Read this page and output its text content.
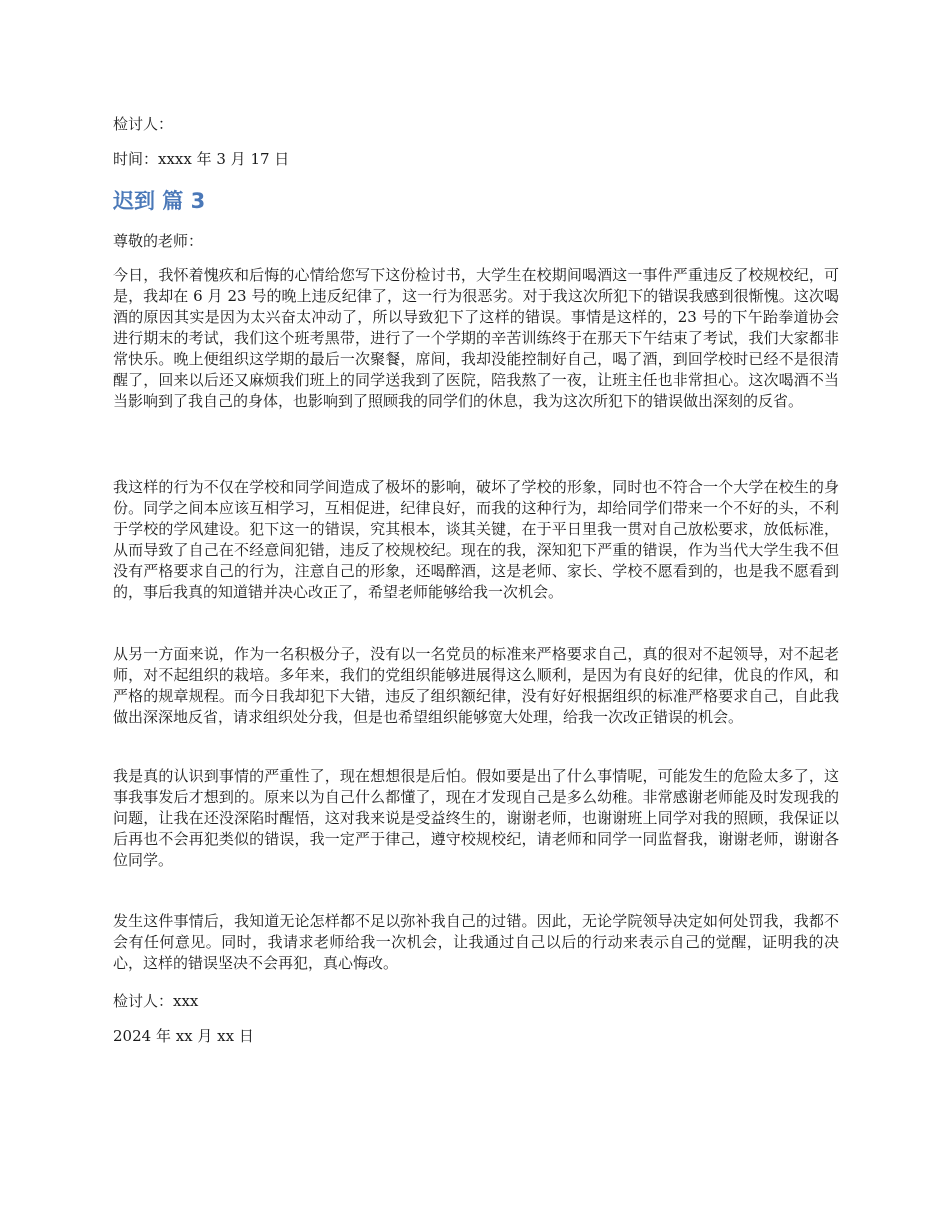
检讨人：

时间：xxxx 年 3 月 17 日

迟到 篇 3

尊敬的老师：

今日，我怀着愧疚和后悔的心情给您写下这份检讨书，大学生在校期间喝酒这一事件严重违反了校规校纪，可是，我却在 6 月 23 号的晚上违反纪律了，这一行为很恶劣。对于我这次所犯下的错误我感到很惭愧。这次喝酒的原因其实是因为太兴奋太冲动了，所以导致犯下了这样的错误。事情是这样的，23 号的下午跆拳道协会进行期末的考试，我们这个班考黑带，进行了一个学期的辛苦训练终于在那天下午结束了考试，我们大家都非常快乐。晚上便组织这学期的最后一次聚餐，席间，我却没能控制好自己，喝了酒，到回学校时已经不是很清醒了，回来以后还又麻烦我们班上的同学送我到了医院，陪我熬了一夜，让班主任也非常担心。这次喝酒不当当影响到了我自己的身体，也影响到了照顾我的同学们的休息，我为这次所犯下的错误做出深刻的反省。

我这样的行为不仅在学校和同学间造成了极坏的影响，破坏了学校的形象，同时也不符合一个大学在校生的身份。同学之间本应该互相学习，互相促进，纪律良好，而我的这种行为，却给同学们带来一个不好的头，不利于学校的学风建设。犯下这一的错误，究其根本，谈其关键，在于平日里我一贯对自己放松要求，放低标准，从而导致了自己在不经意间犯错，违反了校规校纪。现在的我，深知犯下严重的错误，作为当代大学生我不但没有严格要求自己的行为，注意自己的形象，还喝醉酒，这是老师、家长、学校不愿看到的，也是我不愿看到的，事后我真的知道错并决心改正了，希望老师能够给我一次机会。

从另一方面来说，作为一名积极分子，没有以一名党员的标准来严格要求自己，真的很对不起领导，对不起老师，对不起组织的栽培。多年来，我们的党组织能够进展得这么顺利，是因为有良好的纪律，优良的作风，和严格的规章规程。而今日我却犯下大错，违反了组织额纪律，没有好好根据组织的标准严格要求自己，自此我做出深深地反省，请求组织处分我，但是也希望组织能够宽大处理，给我一次改正错误的机会。

我是真的认识到事情的严重性了，现在想想很是后怕。假如要是出了什么事情呢，可能发生的危险太多了，这事我事发后才想到的。原来以为自己什么都懂了，现在才发现自己是多么幼稚。非常感谢老师能及时发现我的问题，让我在还没深陷时醒悟，这对我来说是受益终生的，谢谢老师，也谢谢班上同学对我的照顾，我保证以后再也不会再犯类似的错误，我一定严于律己，遵守校规校纪，请老师和同学一同监督我，谢谢老师，谢谢各位同学。

发生这件事情后，我知道无论怎样都不足以弥补我自己的过错。因此，无论学院领导决定如何处罚我，我都不会有任何意见。同时，我请求老师给我一次机会，让我通过自己以后的行动来表示自己的觉醒，证明我的决心，这样的错误坚决不会再犯，真心悔改。

检讨人：xxx

2024 年 xx 月 xx 日
